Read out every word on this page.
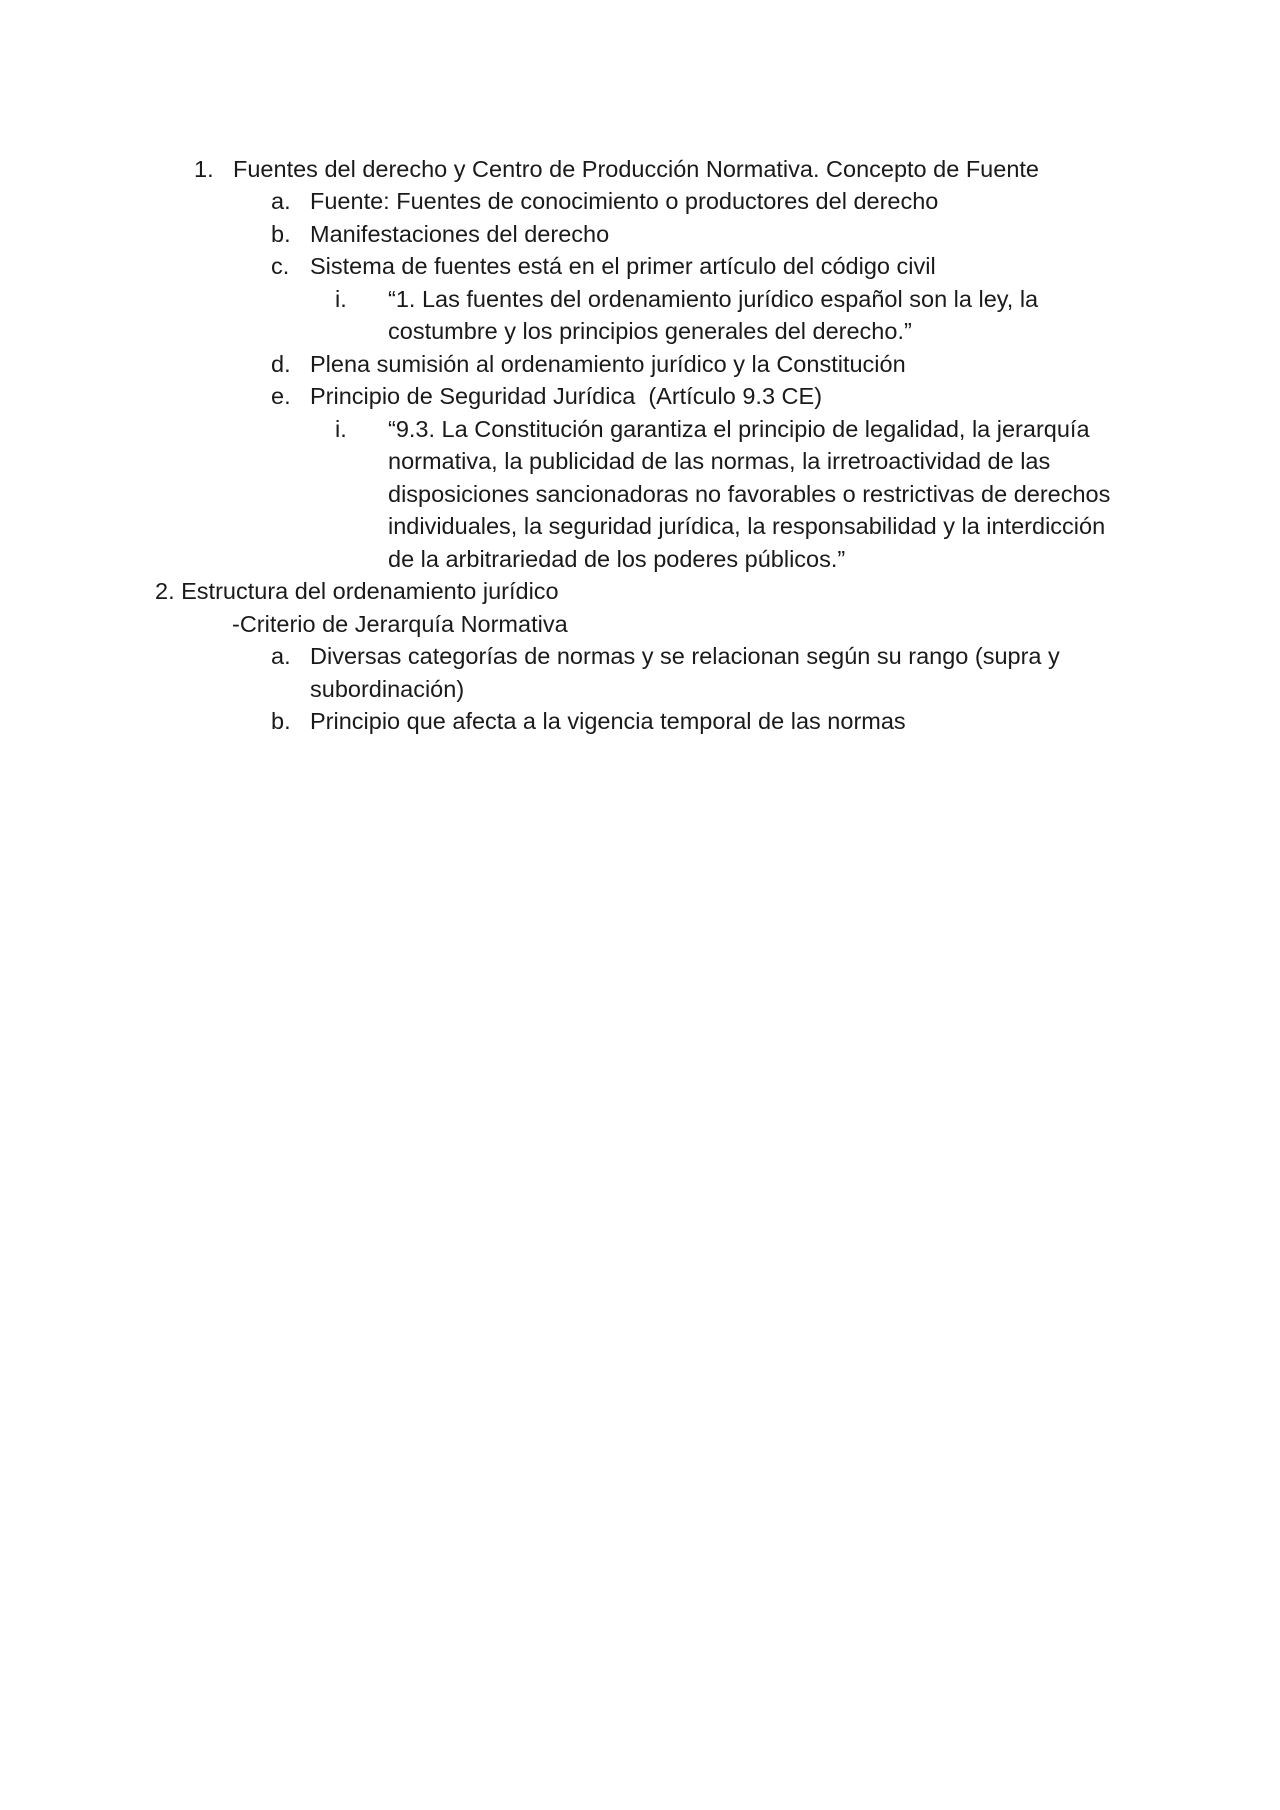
1. Fuentes del derecho y Centro de Producción Normativa. Concepto de Fuente
a. Fuente: Fuentes de conocimiento o productores del derecho
b. Manifestaciones del derecho
c. Sistema de fuentes está en el primer artículo del código civil
i. “1. Las fuentes del ordenamiento jurídico español son la ley, la
costumbre y los principios generales del derecho.”
d. Plena sumisión al ordenamiento jurídico y la Constitución
e. Principio de Seguridad Jurídica  (Artículo 9.3 CE)
i. “9.3. La Constitución garantiza el principio de legalidad, la jerarquía
normativa, la publicidad de las normas, la irretroactividad de las
disposiciones sancionadoras no favorables o restrictivas de derechos
individuales, la seguridad jurídica, la responsabilidad y la interdicción
de la arbitrariedad de los poderes públicos.”
2. Estructura del ordenamiento jurídico
-Criterio de Jerarquía Normativa
a. Diversas categorías de normas y se relacionan según su rango (supra y
subordinación)
b. Principio que afecta a la vigencia temporal de las normas
